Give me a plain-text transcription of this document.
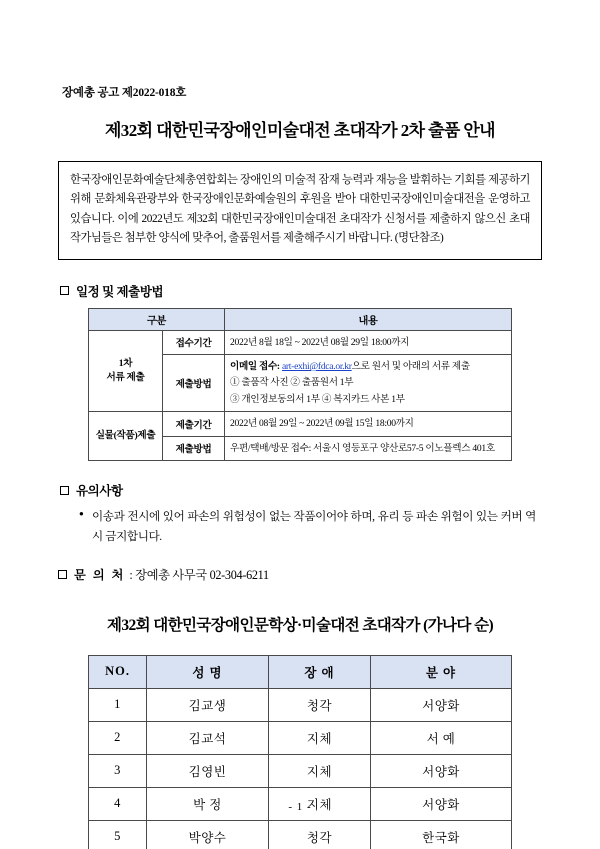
장예총 공고 제2022-018호
제32회 대한민국장애인미술대전 초대작가 2차 출품 안내

한국장애인문화예술단체총연합회는 장애인의 미술적 잠재 능력과 재능을 발휘하는 기회를 제공하기 위해 문화체육관광부와 한국장애인문화예술원의 후원을 받아 대한민국장애인미술대전을 운영하고 있습니다. 이에 2022년도 제32회 대한민국장애인미술대전 초대작가 신청서를 제출하지 않으신 초대작가님들은 첨부한 양식에 맞추어, 출품원서를 제출해주시기 바랍니다. (명단참조)

일정 및 제출방법
구분		내용
1차
서류 제출	접수기간	2022년 8월 18일 ~ 2022년 08월 29일 18:00까지
	제출방법	이메일 접수: art-exhi@fdca.or.kr으로 원서 및 아래의 서류 제출
① 출품작 사진 ② 출품원서 1부
③ 개인정보동의서 1부 ④ 복지카드 사본 1부

실물(작품)제출	제출기간	2022년 08월 29일 ~ 2022년 09월 15일 18:00까지
	제출방법	우편/택배/방문 접수: 서울시 영등포구 양산로57-5 이노플렉스 401호
유의사항
● 이송과 전시에 있어 파손의 위험성이 없는 작품이어야 하며, 유리 등 파손 위험이 있는 커버 역시 금지합니다.
문 의 처 : 장예총 사무국 02-304-6211
제32회 대한민국장애인문학상·미술대전 초대작가 (가나다 순)
NO.	성 명	장 애	분 야
1	김교생	청각	서양화
2	김교석	지체	서 예
3	김영빈	지체	서양화
4	박 정	지체	서양화
5	박양수	청각	한국화
- 1 -
